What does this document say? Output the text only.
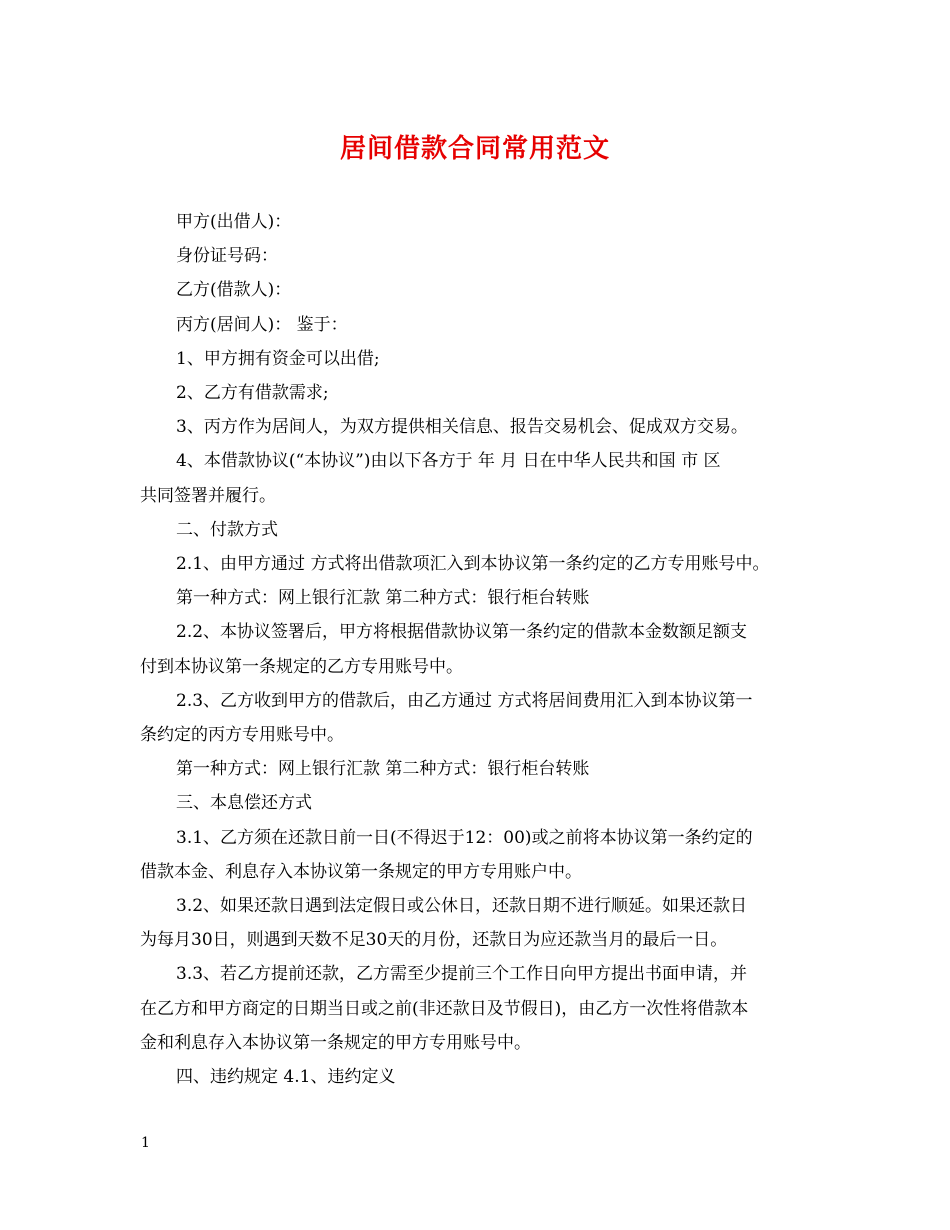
居间借款合同常用范文

甲方(出借人)：

身份证号码：

乙方(借款人)：

丙方(居间人)： 鉴于：

1、甲方拥有资金可以出借;

2、乙方有借款需求;

3、丙方作为居间人，为双方提供相关信息、报告交易机会、促成双方交易。

4、本借款协议(“本协议”)由以下各方于 年 月 日在中华人民共和国 市 区

共同签署并履行。

二、付款方式

2.1、由甲方通过 方式将出借款项汇入到本协议第一条约定的乙方专用账号中。

第一种方式：网上银行汇款 第二种方式：银行柜台转账

2.2、本协议签署后，甲方将根据借款协议第一条约定的借款本金数额足额支

付到本协议第一条规定的乙方专用账号中。

2.3、乙方收到甲方的借款后，由乙方通过 方式将居间费用汇入到本协议第一

条约定的丙方专用账号中。

第一种方式：网上银行汇款 第二种方式：银行柜台转账

三、本息偿还方式

3.1、乙方须在还款日前一日(不得迟于12：00)或之前将本协议第一条约定的

借款本金、利息存入本协议第一条规定的甲方专用账户中。

3.2、如果还款日遇到法定假日或公休日，还款日期不进行顺延。如果还款日

为每月30日，则遇到天数不足30天的月份，还款日为应还款当月的最后一日。

3.3、若乙方提前还款，乙方需至少提前三个工作日向甲方提出书面申请，并

在乙方和甲方商定的日期当日或之前(非还款日及节假日)，由乙方一次性将借款本

金和利息存入本协议第一条规定的甲方专用账号中。

四、违约规定 4.1、违约定义

1
